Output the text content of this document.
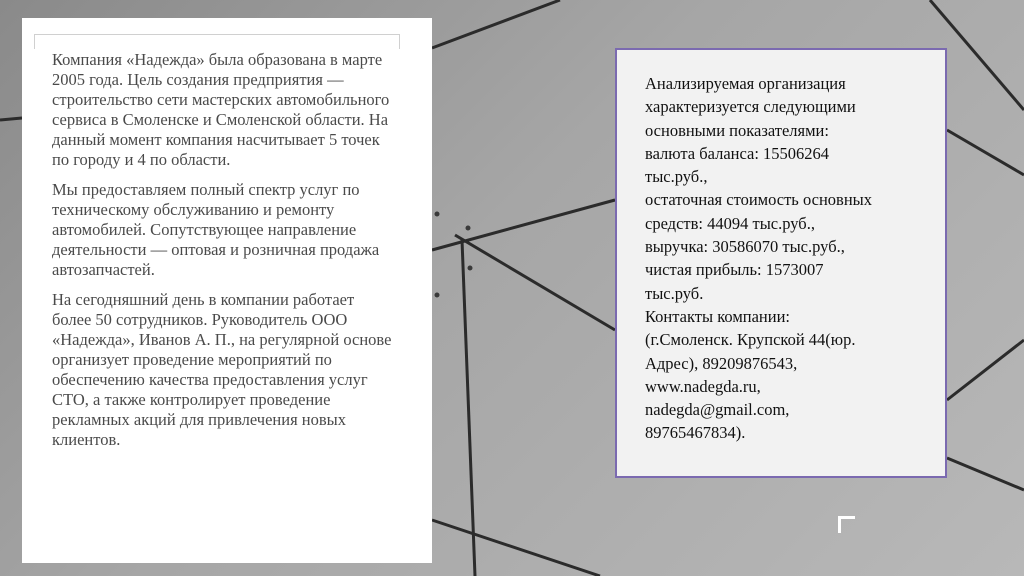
Компания «Надежда» была образована в марте 2005 года. Цель создания предприятия — строительство сети мастерских автомобильного сервиса в Смоленске и Смоленской области. На данный момент компания насчитывает 5 точек по городу и 4 по области.

Мы предоставляем полный спектр услуг по техническому обслуживанию и ремонту автомобилей. Сопутствующее направление деятельности — оптовая и розничная продажа автозапчастей.

На сегодняшний день в компании работает более 50 сотрудников. Руководитель ООО «Надежда», Иванов А. П., на регулярной основе организует проведение мероприятий по обеспечению качества предоставления услуг СТО, а также контролирует проведение рекламных акций для привлечения новых клиентов.

Анализируемая организация
характеризуется следующими
основными показателями:
валюта баланса: 15506264
тыс.руб.,
остаточная стоимость основных
средств: 44094 тыс.руб.,
выручка: 30586070 тыс.руб.,
чистая прибыль: 1573007
тыс.руб.
Контакты компании:
(г.Смоленск. Крупской 44(юр.
Адрес), 89209876543,
www.nadegda.ru,
nadegda@gmail.com,
89765467834).
